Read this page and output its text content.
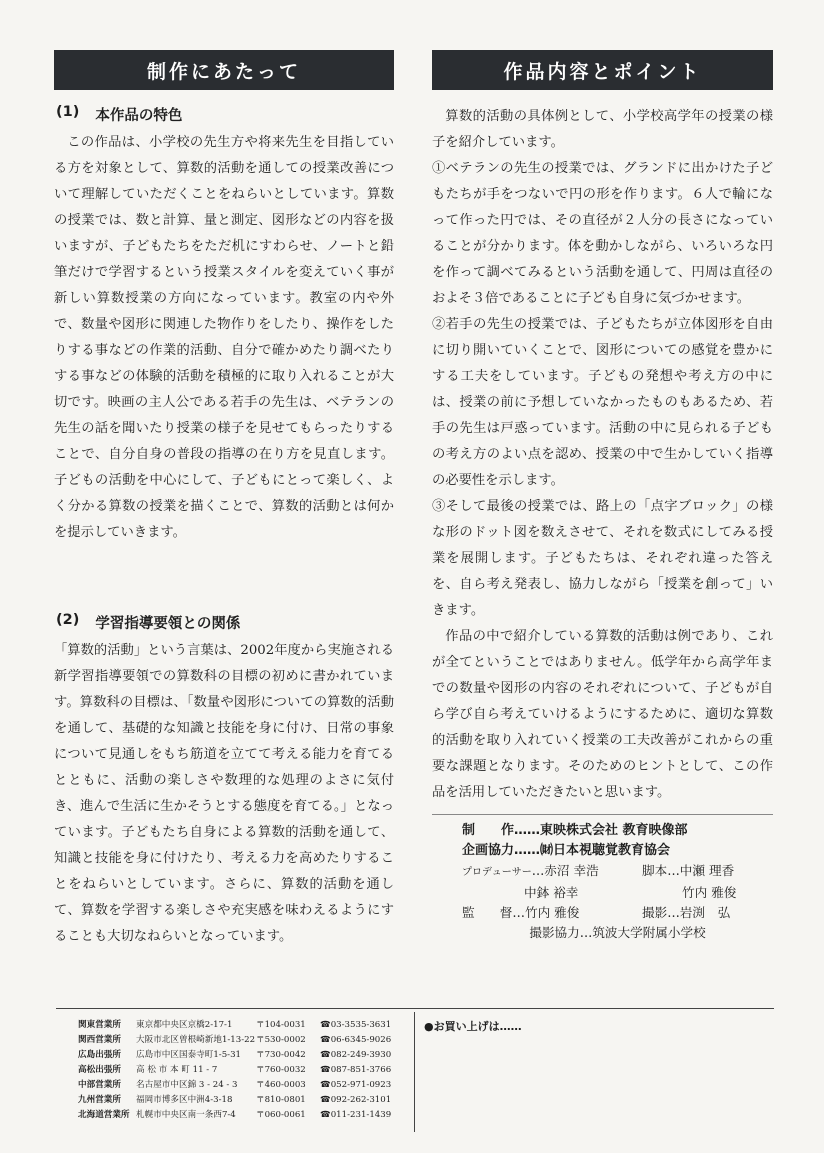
制作にあたって
(1) 本作品の特色

この作品は、小学校の先生方や将来先生を目指している方を対象として、算数的活動を通しての授業改善について理解していただくことをねらいとしています。算数の授業では、数と計算、量と測定、図形などの内容を扱いますが、子どもたちをただ机にすわらせ、ノートと鉛筆だけで学習するという授業スタイルを変えていく事が新しい算数授業の方向になっています。教室の内や外で、数量や図形に関連した物作りをしたり、操作をしたりする事などの作業的活動、自分で確かめたり調べたりする事などの体験的活動を積極的に取り入れることが大切です。映画の主人公である若手の先生は、ベテランの先生の話を聞いたり授業の様子を見せてもらったりすることで、自分自身の普段の指導の在り方を見直します。子どもの活動を中心にして、子どもにとって楽しく、よく分かる算数の授業を描くことで、算数的活動とは何かを提示していきます。

(2) 学習指導要領との関係

「算数的活動」という言葉は、2002年度から実施される新学習指導要領での算数科の目標の初めに書かれています。算数科の目標は、「数量や図形についての算数的活動を通して、基礎的な知識と技能を身に付け、日常の事象について見通しをもち筋道を立てて考える能力を育てるとともに、活動の楽しさや数理的な処理のよさに気付き、進んで生活に生かそうとする態度を育てる。」となっています。子どもたち自身による算数的活動を通して、知識と技能を身に付けたり、考える力を高めたりすることをねらいとしています。さらに、算数的活動を通して、算数を学習する楽しさや充実感を味わえるようにすることも大切なねらいとなっています。

作品内容とポイント

算数的活動の具体例として、小学校高学年の授業の様子を紹介しています。

①ベテランの先生の授業では、グランドに出かけた子どもたちが手をつないで円の形を作ります。６人で輪になって作った円では、その直径が２人分の長さになっていることが分かります。体を動かしながら、いろいろな円を作って調べてみるという活動を通して、円周は直径のおよそ３倍であることに子ども自身に気づかせます。

②若手の先生の授業では、子どもたちが立体図形を自由に切り開いていくことで、図形についての感覚を豊かにする工夫をしています。子どもの発想や考え方の中には、授業の前に予想していなかったものもあるため、若手の先生は戸惑っています。活動の中に見られる子どもの考え方のよい点を認め、授業の中で生かしていく指導の必要性を示します。

③そして最後の授業では、路上の「点字ブロック」の様な形のドット図を数えさせて、それを数式にしてみる授業を展開します。子どもたちは、それぞれ違った答えを、自ら考え発表し、協力しながら「授業を創って」いきます。

作品の中で紹介している算数的活動は例であり、これが全てということではありません。低学年から高学年までの数量や図形の内容のそれぞれについて、子どもが自ら学び自ら考えていけるようにするために、適切な算数的活動を取り入れていく授業の工夫改善がこれからの重要な課題となります。そのためのヒントとして、この作品を活用していただきたいと思います。

制　　作……東映株式会社 教育映像部
企画協力……㈶日本視聴覚教育協会
プロデューサー…赤沼 幸浩	脚本…中瀬 理香
中鉢 裕幸	竹内 雅俊
監　　督…竹内 雅俊	撮影…岩渕　弘
撮影協力…筑波大学附属小学校
関東営業所	東京都中央区京橋2-17-1	〒104-0031	☎03-3535-3631
関西営業所	大阪市北区曽根崎新地1-13-22 〒530-0002	☎06-6345-9026
広島出張所	広島市中区国泰寺町1-5-31	〒730-0042	☎082-249-3930
高松出張所	高 松 市 本 町 11 - 7	〒760-0032	☎087-851-3766
中部営業所	名古屋市中区錦 3 - 24 - 3	〒460-0003	☎052-971-0923
九州営業所	福岡市博多区中洲4-3-18	〒810-0801	☎092-262-3101
北海道営業所 札幌市中央区南一条西7-4	〒060-0061	☎011-231-1439
●お買い上げは……
